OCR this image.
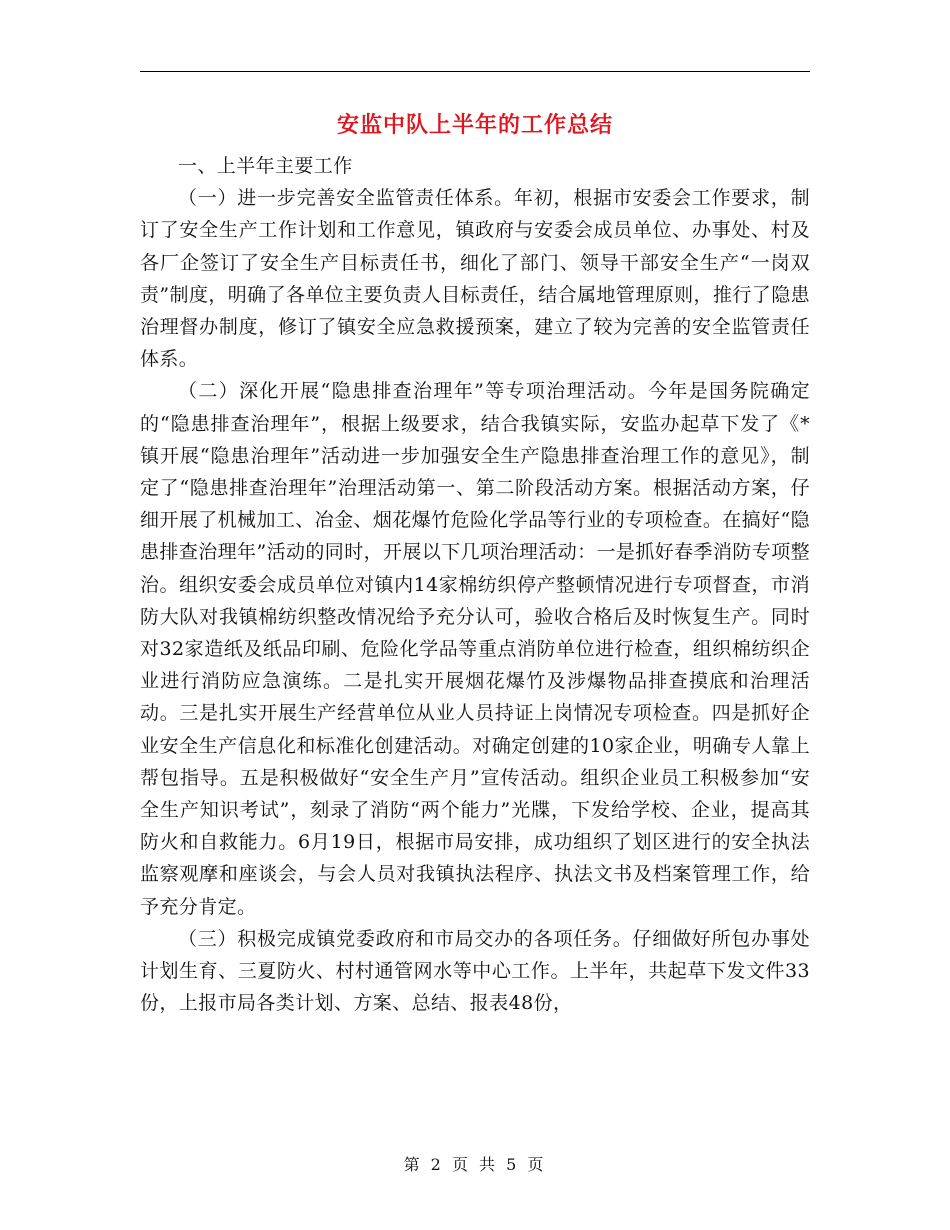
安监中队上半年的工作总结

一、上半年主要工作

（一）进一步完善安全监管责任体系。年初，根据市安委会工作要求，制订了安全生产工作计划和工作意见，镇政府与安委会成员单位、办事处、村及各厂企签订了安全生产目标责任书，细化了部门、领导干部安全生产“一岗双责”制度，明确了各单位主要负责人目标责任，结合属地管理原则，推行了隐患治理督办制度，修订了镇安全应急救援预案，建立了较为完善的安全监管责任体系。

（二）深化开展“隐患排查治理年”等专项治理活动。今年是国务院确定的“隐患排查治理年”，根据上级要求，结合我镇实际，安监办起草下发了《*镇开展“隐患治理年”活动进一步加强安全生产隐患排查治理工作的意见》，制定了“隐患排查治理年”治理活动第一、第二阶段活动方案。根据活动方案，仔细开展了机械加工、冶金、烟花爆竹危险化学品等行业的专项检查。在搞好“隐患排查治理年”活动的同时，开展以下几项治理活动：一是抓好春季消防专项整治。组织安委会成员单位对镇内14家棉纺织停产整顿情况进行专项督查，市消防大队对我镇棉纺织整改情况给予充分认可，验收合格后及时恢复生产。同时对32家造纸及纸品印刷、危险化学品等重点消防单位进行检查，组织棉纺织企业进行消防应急演练。二是扎实开展烟花爆竹及涉爆物品排查摸底和治理活动。三是扎实开展生产经营单位从业人员持证上岗情况专项检查。四是抓好企业安全生产信息化和标准化创建活动。对确定创建的10家企业，明确专人靠上帮包指导。五是积极做好“安全生产月”宣传活动。组织企业员工积极参加“安全生产知识考试”，刻录了消防“两个能力”光牒，下发给学校、企业，提高其防火和自救能力。6月19日，根据市局安排，成功组织了划区进行的安全执法监察观摩和座谈会，与会人员对我镇执法程序、执法文书及档案管理工作，给予充分肯定。

（三）积极完成镇党委政府和市局交办的各项任务。仔细做好所包办事处计划生育、三夏防火、村村通管网水等中心工作。上半年，共起草下发文件33份，上报市局各类计划、方案、总结、报表48份，

第 2 页 共 5 页
